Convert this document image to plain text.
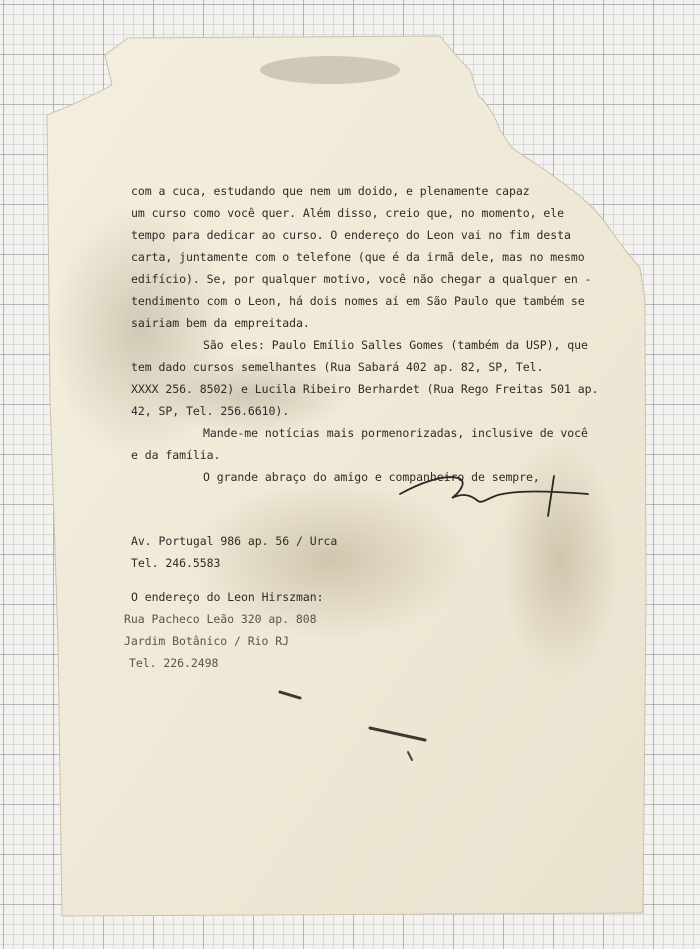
com a cuca, estudando que nem um doido, e plenamente capaz

um curso como você quer. Além disso, creio que, no momento, ele

tempo para dedicar ao curso. O endereço do Leon vai no fim desta

carta, juntamente com o telefone (que é da irmã dele, mas no mesmo

edifício). Se, por qualquer motivo, você não chegar a qualquer en -

tendimento com o Leon, há dois nomes aí em São Paulo que também se

sairiam bem da empreitada.

São eles: Paulo Emílio Salles Gomes (também da USP), que

tem dado cursos semelhantes (Rua Sabará 402 ap. 82, SP, Tel.

XXXX 256. 8502) e Lucila Ribeiro Berhardet (Rua Rego Freitas 501 ap.

42, SP, Tel. 256.6610).

Mande-me notícias mais pormenorizadas, inclusive de você

e da família.

O grande abraço do amigo e companheiro de sempre,

Av. Portugal 986 ap. 56 / Urca

Tel. 246.5583

O endereço do Leon Hirszman:

Rua Pacheco Leão 320 ap. 808

Jardim Botânico / Rio RJ

Tel. 226.2498
